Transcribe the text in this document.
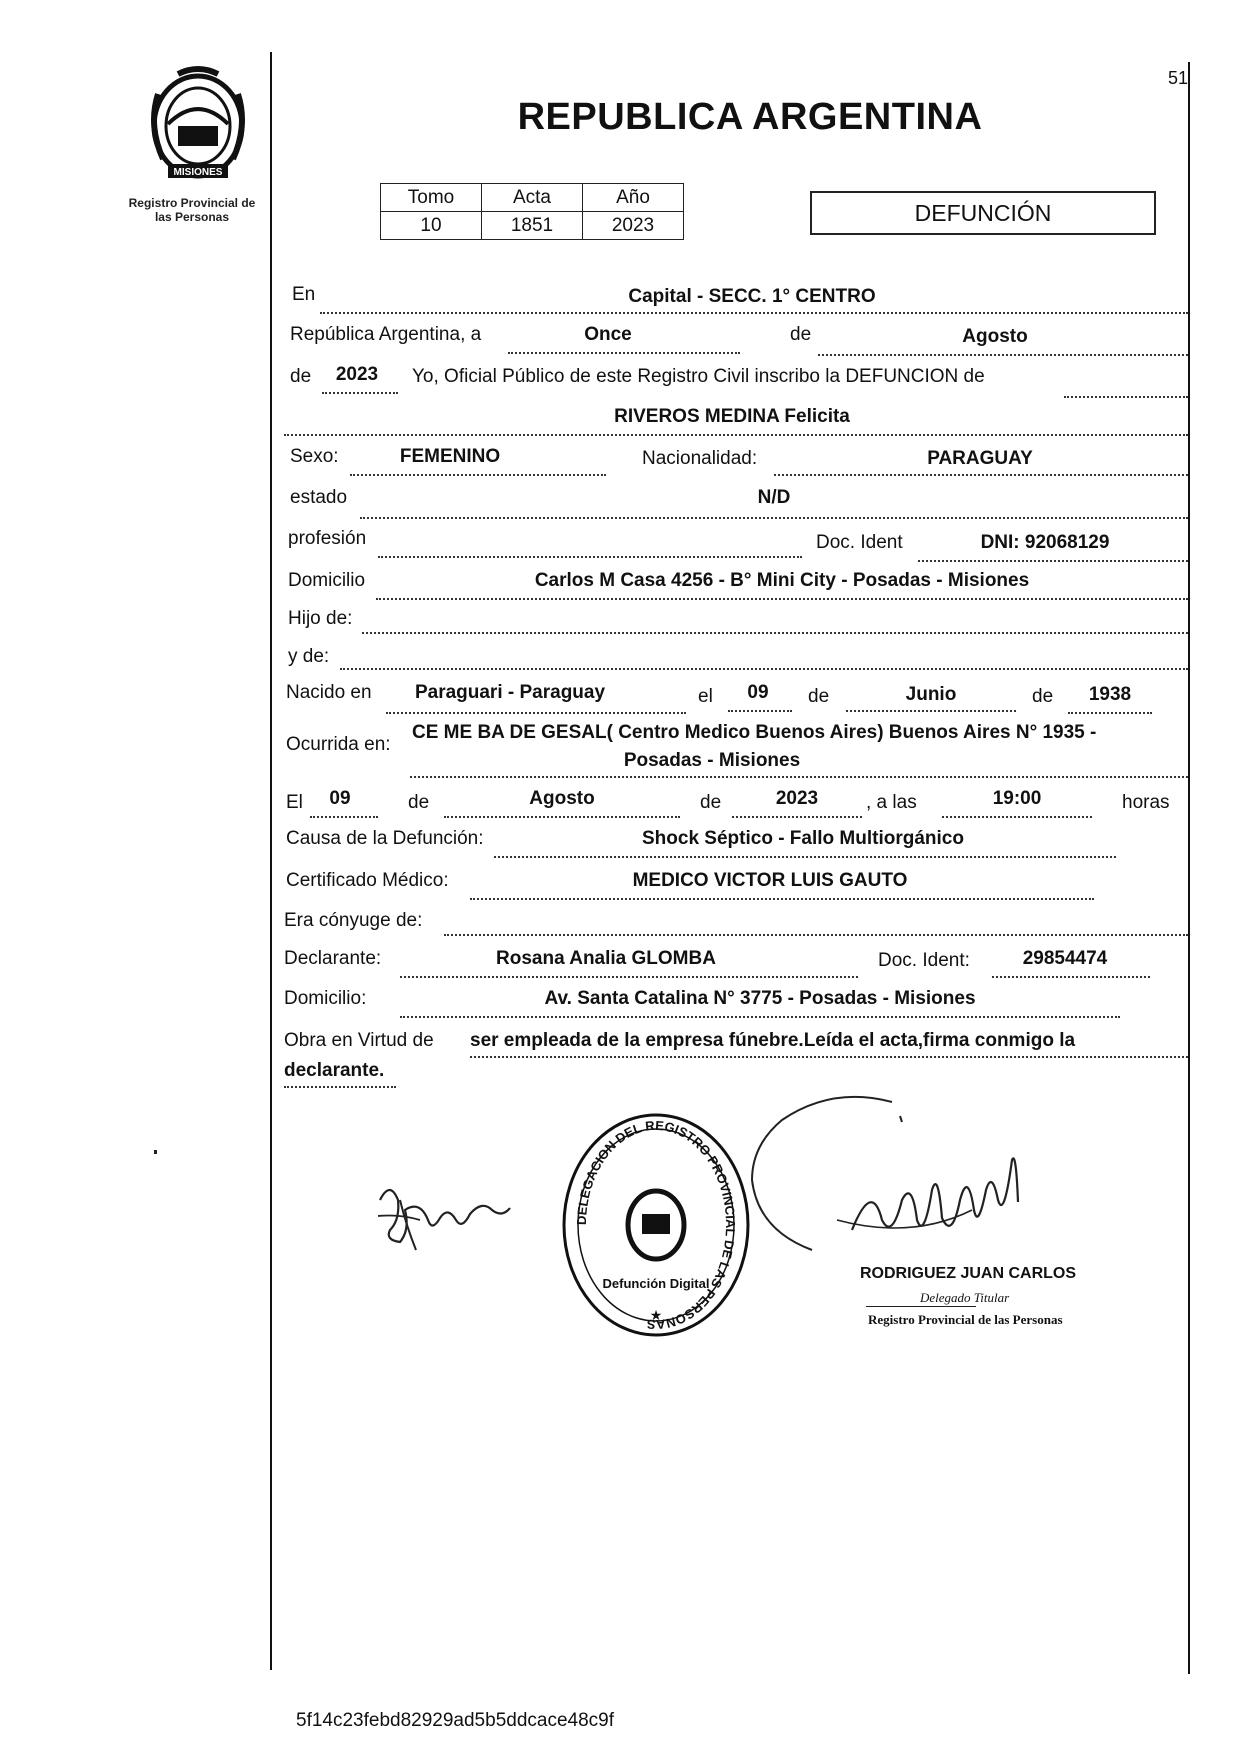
MISIONES
Registro Provincial de
las Personas
51
REPUBLICA ARGENTINA
Tomo	Acta	Año
10	1851	2023	DEFUNCIÓN
En	Capital - SECC. 1° CENTRO
República Argentina, a	Once	de	Agosto
de	2023	Yo, Oficial Público de este Registro Civil inscribo la DEFUNCION de
RIVEROS MEDINA Felicita
Sexo:	FEMENINO	Nacionalidad:	PARAGUAY
estado	N/D
profesión	Doc. Ident	DNI: 92068129
Domicilio	Carlos M Casa 4256 - B° Mini City - Posadas - Misiones
Hijo de:
y de:
Nacido en	Paraguari - Paraguay	el	09	de	Junio	de	1938
Ocurrida en:
CE ME BA DE GESAL( Centro Medico Buenos Aires) Buenos Aires N° 1935 -
Posadas - Misiones
El	09	de	Agosto	de	2023	, a las	19:00	horas
Causa de la Defunción:	Shock Séptico - Fallo Multiorgánico
Certificado Médico:	MEDICO VICTOR LUIS GAUTO
Era cónyuge de:
Declarante:	Rosana Analia GLOMBA	Doc. Ident:	29854474
Domicilio:	Av. Santa Catalina N° 3775 - Posadas - Misiones
Obra en Virtud de ser empleada de la empresa fúnebre.Leída el acta,firma conmigo la
declarante.
DELEGACION DEL REGISTRO PROVINCIAL DE LAS PERSONAS
Defunción Digital
★
RODRIGUEZ JUAN CARLOS
Delegado Titular
Registro Provincial de las Personas
5f14c23febd82929ad5b5ddcace48c9f
